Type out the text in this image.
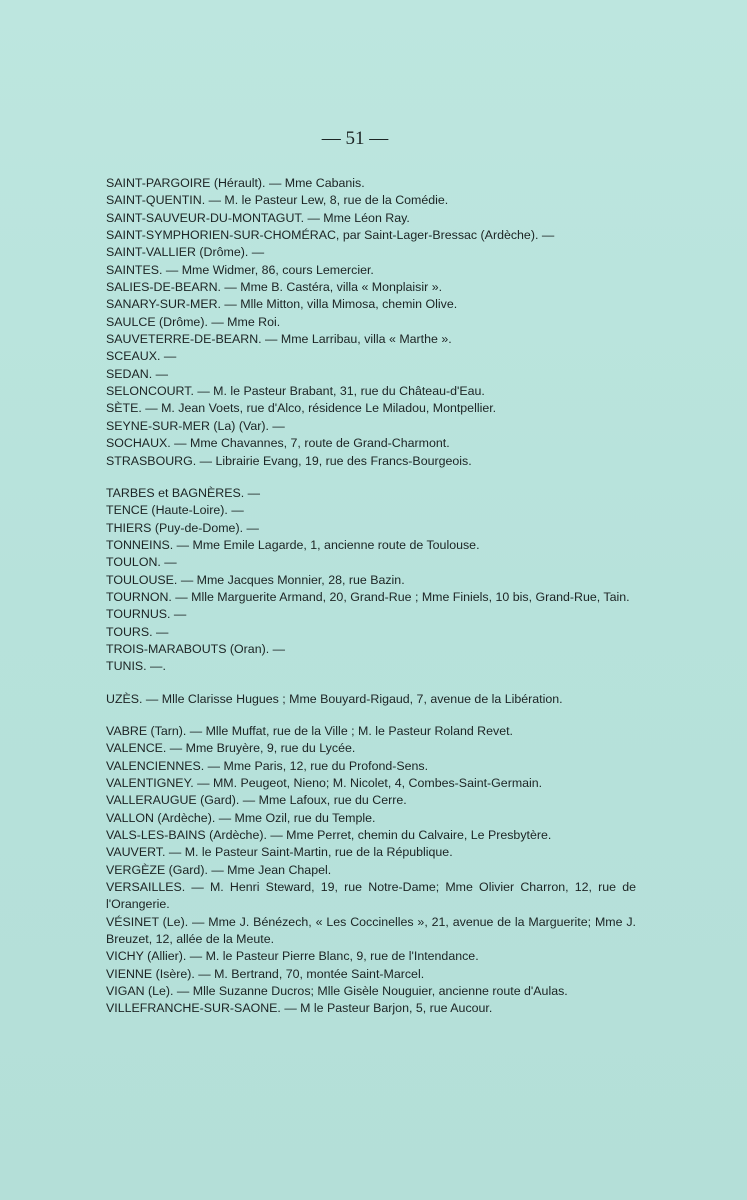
— 51 —
SAINT-PARGOIRE (Hérault). — Mme Cabanis.
SAINT-QUENTIN. — M. le Pasteur Lew, 8, rue de la Comédie.
SAINT-SAUVEUR-DU-MONTAGUT. — Mme Léon Ray.
SAINT-SYMPHORIEN-SUR-CHOMÉRAC, par Saint-Lager-Bressac (Ardèche). —
SAINT-VALLIER (Drôme). —
SAINTES. — Mme Widmer, 86, cours Lemercier.
SALIES-DE-BEARN. — Mme B. Castéra, villa « Monplaisir ».
SANARY-SUR-MER. — Mlle Mitton, villa Mimosa, chemin Olive.
SAULCE (Drôme). — Mme Roi.
SAUVETERRE-DE-BEARN. — Mme Larribau, villa « Marthe ».
SCEAUX. —
SEDAN. —
SELONCOURT. — M. le Pasteur Brabant, 31, rue du Château-d'Eau.
SÈTE. — M. Jean Voets, rue d'Alco, résidence Le Miladou, Montpellier.
SEYNE-SUR-MER (La) (Var). —
SOCHAUX. — Mme Chavannes, 7, route de Grand-Charmont.
STRASBOURG. — Librairie Evang, 19, rue des Francs-Bourgeois.
TARBES et BAGNÈRES. —
TENCE (Haute-Loire). —
THIERS (Puy-de-Dome). —
TONNEINS. — Mme Emile Lagarde, 1, ancienne route de Toulouse.
TOULON. —
TOULOUSE. — Mme Jacques Monnier, 28, rue Bazin.
TOURNON. — Mlle Marguerite Armand, 20, Grand-Rue ; Mme Finiels, 10 bis, Grand-Rue, Tain.
TOURNUS. —
TOURS. —
TROIS-MARABOUTS (Oran). —
TUNIS. —.
UZÈS. — Mlle Clarisse Hugues ; Mme Bouyard-Rigaud, 7, avenue de la Libération.
VABRE (Tarn). — Mlle Muffat, rue de la Ville ; M. le Pasteur Roland Revet.
VALENCE. — Mme Bruyère, 9, rue du Lycée.
VALENCIENNES. — Mme Paris, 12, rue du Profond-Sens.
VALENTIGNEY. — MM. Peugeot, Nieno; M. Nicolet, 4, Combes-Saint-Germain.
VALLERAUGUE (Gard). — Mme Lafoux, rue du Cerre.
VALLON (Ardèche). — Mme Ozil, rue du Temple.
VALS-LES-BAINS (Ardèche). — Mme Perret, chemin du Calvaire, Le Presbytère.
VAUVERT. — M. le Pasteur Saint-Martin, rue de la République.
VERGÈZE (Gard). — Mme Jean Chapel.
VERSAILLES. — M. Henri Steward, 19, rue Notre-Dame; Mme Olivier Charron, 12, rue de l'Orangerie.
VÉSINET (Le). — Mme J. Bénézech, « Les Coccinelles », 21, avenue de la Marguerite; Mme J. Breuzet, 12, allée de la Meute.
VICHY (Allier). — M. le Pasteur Pierre Blanc, 9, rue de l'Intendance.
VIENNE (Isère). — M. Bertrand, 70, montée Saint-Marcel.
VIGAN (Le). — Mlle Suzanne Ducros; Mlle Gisèle Nouguier, ancienne route d'Aulas.
VILLEFRANCHE-SUR-SAONE. — M le Pasteur Barjon, 5, rue Aucour.
